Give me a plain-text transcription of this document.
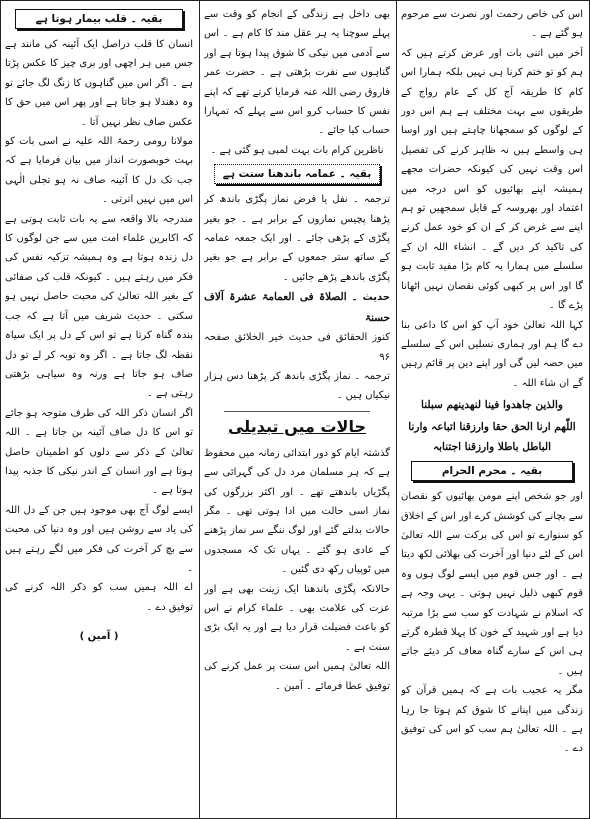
اس کی خاص رحمت اور نصرت سے مرحوم ہو گئے ہے ۔

آخر میں اتنی بات اور عرض کرتے ہیں کہ ہم کو تو ختم کرنا ہی نہیں بلکہ ہمارا اس کام کا طریقہ آج کل کے عام رواج کے طریقوں سے بہت مختلف ہے ہم اس دور کے لوگوں کو سمجھانا چاہتے ہیں اور اوسا ہی واسطے ہیں نہ ظاہر کرنے کی تفصیل اس وقت نہیں کی کیونکہ حضرات مجھے ہمیشہ اپنے بھائیوں کو اس درجہ میں اعتماد اور بھروسہ کے قابل سمجھیں تو ہم اپنے سے غرض کر کے ان کو خود عمل کرنے کی تاکید کر دیں گے ۔ انشاء اللہ ان کے سلسلے میں ہمارا یہ کام بڑا مفید ثابت ہو گا اور اس پر کبھی کوئی نقصان نہیں اٹھانا پڑے گا ۔

کہا اللہ تعالیٰ خود آپ کو اس کا داعی بنا دے گا ہم اور ہماری نسلیں اس کے سلسلے میں حصہ لیں گی اور اپنے دین پر قائم رہیں گے ان شاء اللہ ۔

والذین جاھدوا فینا لنھدینھم سبلنا

اللّٰھم ارنا الحق حقا وارزقنا اتباعہ وارنا الباطل باطلا وارزقنا اجتنابہ

بقیہ ۔ محرم الحرام

اور جو شخص اپنے مومن بھائیوں کو نقصان سے بچانے کی کوشش کرے اور اس کے اخلاق کو سنوارے تو اس کی برکت سے اللہ تعالیٰ اس کے لئے دنیا اور آخرت کی بھلائی لکھ دیتا ہے ۔ اور جس قوم میں ایسے لوگ ہوں وہ قوم کبھی ذلیل نہیں ہوتی ۔ یہی وجہ ہے کہ اسلام نے شہادت کو سب سے بڑا مرتبہ دیا ہے اور شہید کے خون کا پہلا قطرہ گرتے ہی اس کے سارے گناہ معاف کر دیئے جاتے ہیں ۔

مگر یہ عجیب بات ہے کہ ہمیں قرآن کو زندگی میں اپنانے کا شوق کم ہوتا جا رہا ہے ۔ اللہ تعالیٰ ہم سب کو اس کی توفیق دے ۔

بھی داخل ہے زندگی کے انجام کو وقت سے پہلے سوچنا یہ ہر عقل مند کا کام ہے ۔ اس سے آدمی میں نیکی کا شوق پیدا ہوتا ہے اور گناہوں سے نفرت بڑھتی ہے ۔ حضرت عمر فاروق رضی اللہ عنہ فرمایا کرتے تھے کہ اپنے نفس کا حساب کرو اس سے پہلے کہ تمہارا حساب کیا جائے ۔

ناظرین کرام بات بہت لمبی ہو گئی ہے ۔

بقیہ ۔ عمامہ باندھنا سنت ہے

ترجمہ ۔ نفل یا فرض نماز پگڑی باندھ کر پڑھنا پچیس نمازوں کے برابر ہے ۔ جو بغیر پگڑی کے پڑھی جائے ۔ اور ایک جمعہ عمامہ کے ساتھ ستر جمعوں کے برابر ہے جو بغیر پگڑی باندھے پڑھے جائیں ۔

حدیث ۔ الصلاۃ فی العمامۃ عشرۃ آلاف حسنۃ

کنوز الحقائق فی حدیث خیر الخلائق صفحہ ۹۶

ترجمہ ۔ نماز پگڑی باندھ کر پڑھنا دس ہزار نیکیاں ہیں ۔

حالات میں تبدیلی

گذشتہ ایام کو دور ابتدائی زمانہ میں محفوظ ہے کہ ہر مسلمان مرد دل کی گہرائی سے پگڑیاں باندھتے تھے ۔ اور اکثر بزرگوں کی نماز اسی حالت میں ادا ہوتی تھی ۔ مگر حالات بدلتے گئے اور لوگ ننگے سر نماز پڑھنے کے عادی ہو گئے ۔ یہاں تک کہ مسجدوں میں ٹوپیاں رکھ دی گئیں ۔

حالانکہ پگڑی باندھنا ایک زینت بھی ہے اور عزت کی علامت بھی ۔ علماء کرام نے اس کو باعث فضیلت قرار دیا ہے اور یہ ایک بڑی سنت ہے ۔

اللہ تعالیٰ ہمیں اس سنت پر عمل کرنے کی توفیق عطا فرمائے ۔ آمین ۔

بقیہ ۔ قلب بیمار ہوتا ہے

انسان کا قلب دراصل ایک آئینہ کی مانند ہے جس میں ہر اچھی اور بری چیز کا عکس پڑتا ہے ۔ اگر اس میں گناہوں کا زنگ لگ جائے تو وہ دھندلا ہو جاتا ہے اور پھر اس میں حق کا عکس صاف نظر نہیں آتا ۔

مولانا رومی رحمۃ اللہ علیہ نے اسی بات کو بہت خوبصورت انداز میں بیان فرمایا ہے کہ جب تک دل کا آئینہ صاف نہ ہو تجلی الٰہی اس میں نہیں اترتی ۔

مندرجہ بالا واقعہ سے یہ بات ثابت ہوتی ہے کہ اکابرین علماء امت میں سے جن لوگوں کا دل زندہ ہوتا ہے وہ ہمیشہ تزکیہ نفس کی فکر میں رہتے ہیں ۔ کیونکہ قلب کی صفائی کے بغیر اللہ تعالیٰ کی محبت حاصل نہیں ہو سکتی ۔ حدیث شریف میں آتا ہے کہ جب بندہ گناہ کرتا ہے تو اس کے دل پر ایک سیاہ نقطہ لگ جاتا ہے ۔ اگر وہ توبہ کر لے تو دل صاف ہو جاتا ہے ورنہ وہ سیاہی بڑھتی رہتی ہے ۔

اگر انسان ذکر اللہ کی طرف متوجہ ہو جائے تو اس کا دل صاف آئینہ بن جاتا ہے ۔ اللہ تعالیٰ کے ذکر سے دلوں کو اطمینان حاصل ہوتا ہے اور انسان کے اندر نیکی کا جذبہ پیدا ہوتا ہے ۔

ایسے لوگ آج بھی موجود ہیں جن کے دل اللہ کی یاد سے روشن ہیں اور وہ دنیا کی محبت سے بچ کر آخرت کی فکر میں لگے رہتے ہیں ۔

اے اللہ ہمیں سب کو ذکر اللہ کرنے کی توفیق دے ۔

( آمین )
